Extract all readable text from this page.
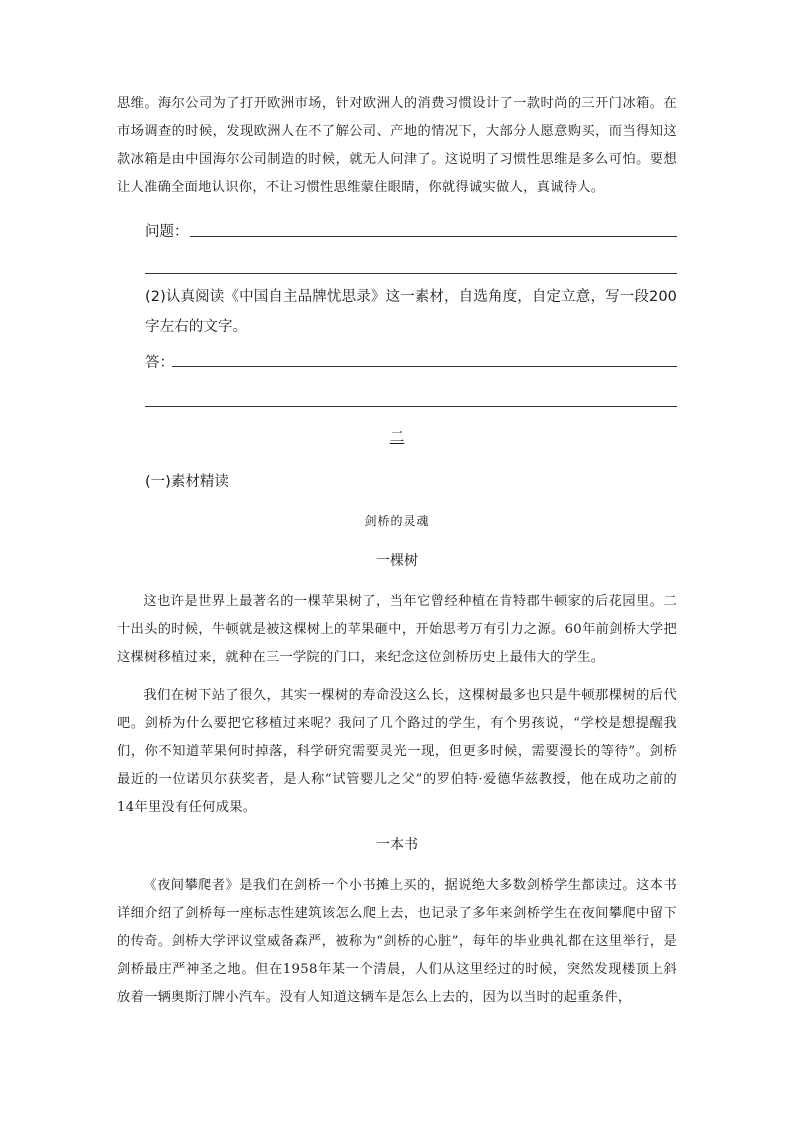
思维。海尔公司为了打开欧洲市场，针对欧洲人的消费习惯设计了一款时尚的三开门冰箱。在市场调查的时候，发现欧洲人在不了解公司、产地的情况下，大部分人愿意购买，而当得知这款冰箱是由中国海尔公司制造的时候，就无人问津了。这说明了习惯性思维是多么可怕。要想让人准确全面地认识你，不让习惯性思维蒙住眼睛，你就得诚实做人，真诚待人。

问题：

(2)认真阅读《中国自主品牌忧思录》这一素材，自选角度，自定立意，写一段200字左右的文字。

答：
二
(一)素材精读
剑桥的灵魂
一棵树

这也许是世界上最著名的一棵苹果树了，当年它曾经种植在肯特郡牛顿家的后花园里。二十出头的时候，牛顿就是被这棵树上的苹果砸中，开始思考万有引力之源。60年前剑桥大学把这棵树移植过来，就种在三一学院的门口，来纪念这位剑桥历史上最伟大的学生。

我们在树下站了很久，其实一棵树的寿命没这么长，这棵树最多也只是牛顿那棵树的后代吧。剑桥为什么要把它移植过来呢？我问了几个路过的学生，有个男孩说，“学校是想提醒我们，你不知道苹果何时掉落，科学研究需要灵光一现，但更多时候，需要漫长的等待”。剑桥最近的一位诺贝尔获奖者，是人称“试管婴儿之父”的罗伯特·爱德华兹教授，他在成功之前的14年里没有任何成果。

一本书

《夜间攀爬者》是我们在剑桥一个小书摊上买的，据说绝大多数剑桥学生都读过。这本书详细介绍了剑桥每一座标志性建筑该怎么爬上去，也记录了多年来剑桥学生在夜间攀爬中留下的传奇。剑桥大学评议堂威备森严，被称为“剑桥的心脏”，每年的毕业典礼都在这里举行，是剑桥最庄严神圣之地。但在1958年某一个清晨，人们从这里经过的时候，突然发现楼顶上斜放着一辆奥斯汀牌小汽车。没有人知道这辆车是怎么上去的，因为以当时的起重条件，
